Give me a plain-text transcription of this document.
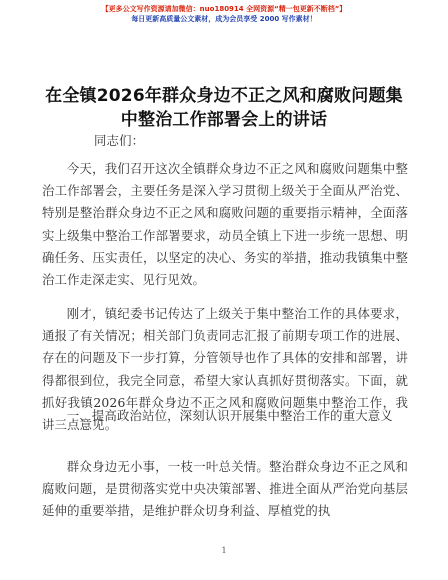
【更多公文写作资源请加微信：nuo180914 全网资源“精一包更新不断档”】
每日更新高质量公文素材，成为会员享受 2000 写作素材！
在全镇2026年群众身边不正之风和腐败问题集中整治工作部署会上的讲话
同志们：
今天，我们召开这次全镇群众身边不正之风和腐败问题集中整治工作部署会，主要任务是深入学习贯彻上级关于全面从严治党、特别是整治群众身边不正之风和腐败问题的重要指示精神，全面落实上级集中整治工作部署要求，动员全镇上下进一步统一思想、明确任务、压实责任，以坚定的决心、务实的举措，推动我镇集中整治工作走深走实、见行见效。
刚才，镇纪委书记传达了上级关于集中整治工作的具体要求，通报了有关情况；相关部门负责同志汇报了前期专项工作的进展、存在的问题及下一步打算，分管领导也作了具体的安排和部署，讲得都很到位，我完全同意，希望大家认真抓好贯彻落实。下面，就抓好我镇2026年群众身边不正之风和腐败问题集中整治工作，我讲三点意见。
一、提高政治站位，深刻认识开展集中整治工作的重大意义
群众身边无小事，一枝一叶总关情。整治群众身边不正之风和腐败问题，是贯彻落实党中央决策部署、推进全面从严治党向基层延伸的重要举措，是维护群众切身利益、厚植党的执
1
